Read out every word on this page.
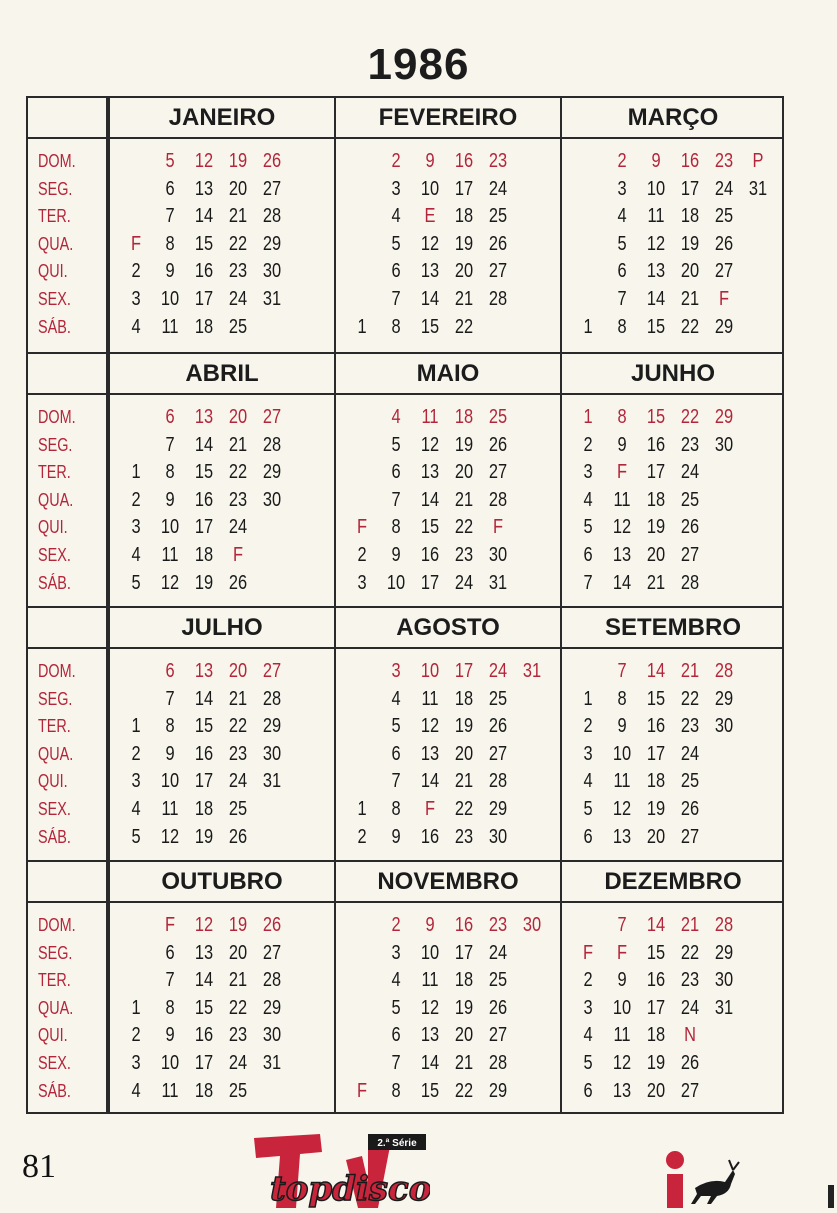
1986
DOM.
SEG.
TER.
QUA.
QUI.
SEX.
SÁB.
JANEIRO
F
2
3
4
5
6
7
8
9
10
11
12
13
14
15
16
17
18
19
20
21
22
23
24
25
26
27
28
29
30
31
FEVEREIRO
1
2
3
4
5
6
7
8
9
10
E
12
13
14
15
16
17
18
19
20
21
22
23
24
25
26
27
28
MARÇO
1
2
3
4
5
6
7
8
9
10
11
12
13
14
15
16
17
18
19
20
21
22
23
24
25
26
27
F
29
P
31
DOM.
SEG.
TER.
QUA.
QUI.
SEX.
SÁB.
ABRIL
1
2
3
4
5
6
7
8
9
10
11
12
13
14
15
16
17
18
19
20
21
22
23
24
F
26
27
28
29
30
MAIO
F
2
3
4
5
6
7
8
9
10
11
12
13
14
15
16
17
18
19
20
21
22
23
24
25
26
27
28
F
30
31
JUNHO
1
2
3
4
5
6
7
8
9
F
11
12
13
14
15
16
17
18
19
20
21
22
23
24
25
26
27
28
29
30
DOM.
SEG.
TER.
QUA.
QUI.
SEX.
SÁB.
JULHO
1
2
3
4
5
6
7
8
9
10
11
12
13
14
15
16
17
18
19
20
21
22
23
24
25
26
27
28
29
30
31
AGOSTO
1
2
3
4
5
6
7
8
9
10
11
12
13
14
F
16
17
18
19
20
21
22
23
24
25
26
27
28
29
30
31
SETEMBRO
1
2
3
4
5
6
7
8
9
10
11
12
13
14
15
16
17
18
19
20
21
22
23
24
25
26
27
28
29
30
DOM.
SEG.
TER.
QUA.
QUI.
SEX.
SÁB.
OUTUBRO
1
2
3
4
F
6
7
8
9
10
11
12
13
14
15
16
17
18
19
20
21
22
23
24
25
26
27
28
29
30
31
NOVEMBRO
F
2
3
4
5
6
7
8
9
10
11
12
13
14
15
16
17
18
19
20
21
22
23
24
25
26
27
28
29
30
DEZEMBRO
F
2
3
4
5
6
7
F
9
10
11
12
13
14
15
16
17
18
19
20
21
22
23
24
N
26
27
28
29
30
31
81
2.ª Série
topdisco
TV
